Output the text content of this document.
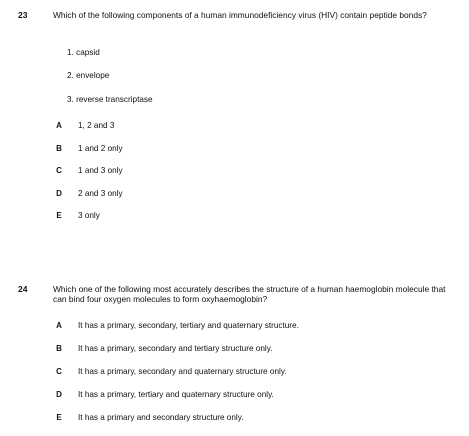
23	Which of the following components of a human immunodeficiency virus (HIV) contain peptide bonds?
1. capsid
2. envelope
3. reverse transcriptase
A	1, 2 and 3
B	1 and 2 only
C	1 and 3 only
D	2 and 3 only
E	3 only
24	Which one of the following most accurately describes the structure of a human haemoglobin molecule that can bind four oxygen molecules to form oxyhaemoglobin?
A	It has a primary, secondary, tertiary and quaternary structure.
B	It has a primary, secondary and tertiary structure only.
C	It has a primary, secondary and quaternary structure only.
D	It has a primary, tertiary and quaternary structure only.
E	It has a primary and secondary structure only.
